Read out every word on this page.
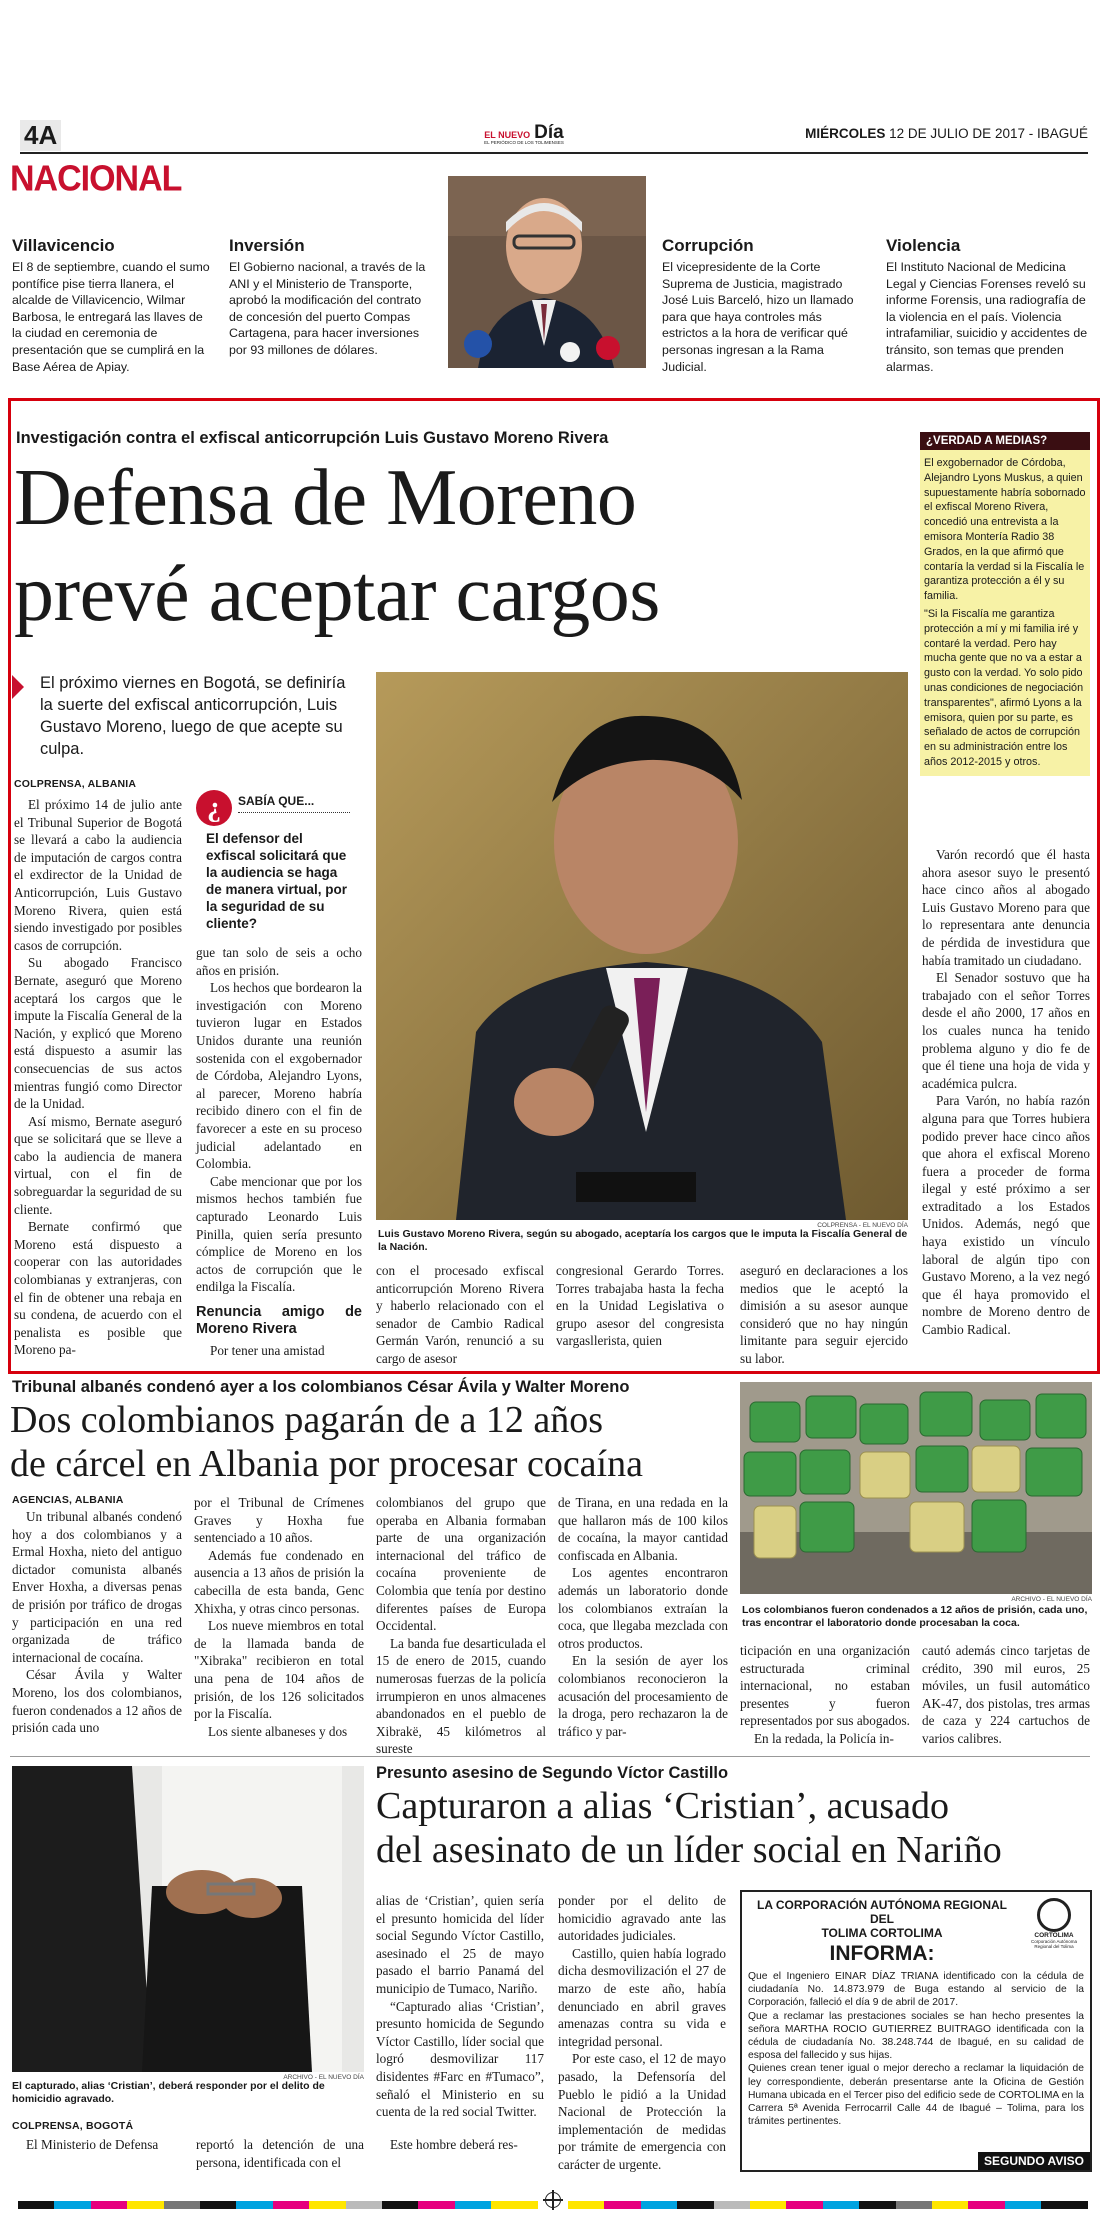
4A	EL NUEVO Día
EL PERIÓDICO DE LOS TOLIMENSES
MIÉRCOLES 12 DE JULIO DE 2017 - IBAGUÉ
NACIONAL
Villavicencio

El 8 de septiembre, cuando el sumo pontífice pise tierra llanera, el alcalde de Villavicencio, Wilmar Barbosa, le entregará las llaves de la ciudad en ceremonia de presentación que se cumplirá en la Base Aérea de Apiay.

Inversión

El Gobierno nacional, a través de la ANI y el Ministerio de Transporte, aprobó la modificación del contrato de concesión del puerto Compas Cartagena, para hacer inversiones por 93 millones de dólares.

Corrupción

El vicepresidente de la Corte Suprema de Justicia, magistrado José Luis Barceló, hizo un llamado para que haya controles más estrictos a la hora de verificar qué personas ingresan a la Rama Judicial.

Violencia

El Instituto Nacional de Medicina Legal y Ciencias Forenses reveló su informe Forensis, una radiografía de la violencia en el país. Violencia intrafamiliar, suicidio y accidentes de tránsito, son temas que prenden alarmas.

Investigación contra el exfiscal anticorrupción Luis Gustavo Moreno Rivera
Defensa de Moreno
prevé aceptar cargos
El próximo viernes en Bogotá, se definiría la suerte del exfiscal anticorrupción, Luis Gustavo Moreno, luego de que acepte su culpa.
COLPRENSA, ALBANIA

El próximo 14 de julio ante el Tribunal Superior de Bogotá se llevará a cabo la audiencia de imputación de cargos contra el exdirector de la Unidad de Anticorrupción, Luis Gustavo Moreno Rivera, quien está siendo investigado por posibles casos de corrupción.

Su abogado Francisco Bernate, aseguró que Moreno aceptará los cargos que le impute la Fiscalía General de la Nación, y explicó que Moreno está dispuesto a asumir las consecuencias de sus actos mientras fungió como Director de la Unidad.

Así mismo, Bernate aseguró que se solicitará que se lleve a cabo la audiencia de manera virtual, con el fin de sobreguardar la seguridad de su cliente.

Bernate confirmó que Moreno está dispuesto a cooperar con las autoridades colombianas y extranjeras, con el fin de obtener una rebaja en su condena, de acuerdo con el penalista es posible que Moreno pa-

¿	SABÍA QUE...
El defensor del exfiscal solicitará que la audiencia se haga de manera virtual, por la seguridad de su cliente?

gue tan solo de seis a ocho años en prisión.

Los hechos que bordearon la investigación con Moreno tuvieron lugar en Estados Unidos durante una reunión sostenida con el exgobernador de Córdoba, Alejandro Lyons, al parecer, Moreno habría recibido dinero con el fin de favorecer a este en su proceso judicial adelantado en Colombia.

Cabe mencionar que por los mismos hechos también fue capturado Leonardo Luis Pinilla, quien sería presunto cómplice de Moreno en los actos de corrupción que le endilga la Fiscalía.

Renuncia amigo de Moreno Rivera

Por tener una amistad

COLPRENSA - EL NUEVO DÍA
Luis Gustavo Moreno Rivera, según su abogado, aceptaría los cargos que le imputa la Fiscalía General de la Nación.

con el procesado exfiscal anticorrupción Moreno Rivera y haberlo relacionado con el senador de Cambio Radical Germán Varón, renunció a su cargo de asesor

congresional Gerardo Torres. Torres trabajaba hasta la fecha en la Unidad Legislativa o grupo asesor del congresista vargasllerista, quien

aseguró en declaraciones a los medios que le aceptó la dimisión a su asesor aunque consideró que no hay ningún limitante para seguir ejercido su labor.

¿VERDAD A MEDIAS?

El exgobernador de Córdoba, Alejandro Lyons Muskus, a quien supuestamente habría sobornado el exfiscal Moreno Rivera, concedió una entrevista a la emisora Montería Radio 38 Grados, en la que afirmó que contaría la verdad si la Fiscalía le garantiza protección a él y su familia.

"Si la Fiscalía me garantiza protección a mí y mi familia iré y contaré la verdad. Pero hay mucha gente que no va a estar a gusto con la verdad. Yo solo pido unas condiciones de negociación transparentes", afirmó Lyons a la emisora, quien por su parte, es señalado de actos de corrupción en su administración entre los años 2012-2015 y otros.

Varón recordó que él hasta ahora asesor suyo le presentó hace cinco años al abogado Luis Gustavo Moreno para que lo representara ante denuncia de pérdida de investidura que había tramitado un ciudadano.

El Senador sostuvo que ha trabajado con el señor Torres desde el año 2000, 17 años en los cuales nunca ha tenido problema alguno y dio fe de que él tiene una hoja de vida y académica pulcra.

Para Varón, no había razón alguna para que Torres hubiera podido prever hace cinco años que ahora el exfiscal Moreno fuera a proceder de forma ilegal y esté próximo a ser extraditado a los Estados Unidos. Además, negó que haya existido un vínculo laboral de algún tipo con Gustavo Moreno, a la vez negó que él haya promovido el nombre de Moreno dentro de Cambio Radical.

Tribunal albanés condenó ayer a los colombianos César Ávila y Walter Moreno
Dos colombianos pagarán de a 12 años
de cárcel en Albania por procesar cocaína
AGENCIAS, ALBANIA

Un tribunal albanés condenó hoy a dos colombianos y a Ermal Hoxha, nieto del antiguo dictador comunista albanés Enver Hoxha, a diversas penas de prisión por tráfico de drogas y participación en una red organizada de tráfico internacional de cocaína.

César Ávila y Walter Moreno, los dos colombianos, fueron condenados a 12 años de prisión cada uno

por el Tribunal de Crímenes Graves y Hoxha fue sentenciado a 10 años.

Además fue condenado en ausencia a 13 años de prisión la cabecilla de esta banda, Genc Xhixha, y otras cinco personas.

Los nueve miembros en total de la llamada banda de "Xibraka" recibieron en total una pena de 104 años de prisión, de los 126 solicitados por la Fiscalía.

Los siente albaneses y dos

colombianos del grupo que operaba en Albania formaban parte de una organización internacional del tráfico de cocaína proveniente de Colombia que tenía por destino diferentes países de Europa Occidental.

La banda fue desarticulada el 15 de enero de 2015, cuando numerosas fuerzas de la policía irrumpieron en unos almacenes abandonados en el pueblo de Xibrakë, 45 kilómetros al sureste

de Tirana, en una redada en la que hallaron más de 100 kilos de cocaína, la mayor cantidad confiscada en Albania.

Los agentes encontraron además un laboratorio donde los colombianos extraían la coca, que llegaba mezclada con otros productos.

En la sesión de ayer los colombianos reconocieron la acusación del procesamiento de la droga, pero rechazaron la de tráfico y par-

ticipación en una organización estructurada criminal internacional, no estaban presentes y fueron representados por sus abogados.

En la redada, la Policía in-

cautó además cinco tarjetas de crédito, 390 mil euros, 25 móviles, un fusil automático AK-47, dos pistolas, tres armas de caza y 224 cartuchos de varios calibres.

ARCHIVO - EL NUEVO DÍA
Los colombianos fueron condenados a 12 años de prisión, cada uno, tras encontrar el laboratorio donde procesaban la coca.
ARCHIVO - EL NUEVO DÍA
El capturado, alias ‘Cristian’, deberá responder por el delito de homicidio agravado.
COLPRENSA, BOGOTÁ

El Ministerio de Defensa	reportó la detención de una persona, identificada con el

Presunto asesino de Segundo Víctor Castillo
Capturaron a alias ‘Cristian’, acusado
del asesinato de un líder social en Nariño

alias de ‘Cristian’, quien sería el presunto homicida del líder social Segundo Víctor Castillo, asesinado el 25 de mayo pasado el barrio Panamá del municipio de Tumaco, Nariño.

“Capturado alias ‘Cristian’, presunto homicida de Segundo Víctor Castillo, líder social que logró desmovilizar 117 disidentes #Farc en #Tumaco”, señaló el Ministerio en su cuenta de la red social Twitter.

ponder por el delito de homicidio agravado ante las autoridades judiciales.

Castillo, quien había logrado dicha desmovilización el 27 de marzo de este año, había denunciado en abril graves amenazas contra su vida e integridad personal.

Por este caso, el 12 de mayo pasado, la Defensoría del Pueblo le pidió a la Unidad Nacional de Protección la implementación de medidas por trámite de emergencia con carácter de urgente.

Este hombre deberá res-

LA CORPORACIÓN AUTÓNOMA REGIONAL DEL
TOLIMA CORTOLIMA
INFORMA:
CORTOLIMA
Corporación Autónoma Regional del Tolima

Que el Ingeniero EINAR DÍAZ TRIANA identificado con la cédula de ciudadanía No. 14.873.979 de Buga estando al servicio de la Corporación, falleció el día 9 de abril de 2017.

Que a reclamar las prestaciones sociales se han hecho presentes la señora MARTHA ROCIO GUTIERREZ BUITRAGO identificada con la cédula de ciudadanía No. 38.248.744 de Ibagué, en su calidad de esposa del fallecido y sus hijas.

Quienes crean tener igual o mejor derecho a reclamar la liquidación de ley correspondiente, deberán presentarse ante la Oficina de Gestión Humana ubicada en el Tercer piso del edificio sede de CORTOLIMA en la Carrera 5ª Avenida Ferrocarril Calle 44 de Ibagué – Tolima, para los trámites pertinentes.

SEGUNDO AVISO
